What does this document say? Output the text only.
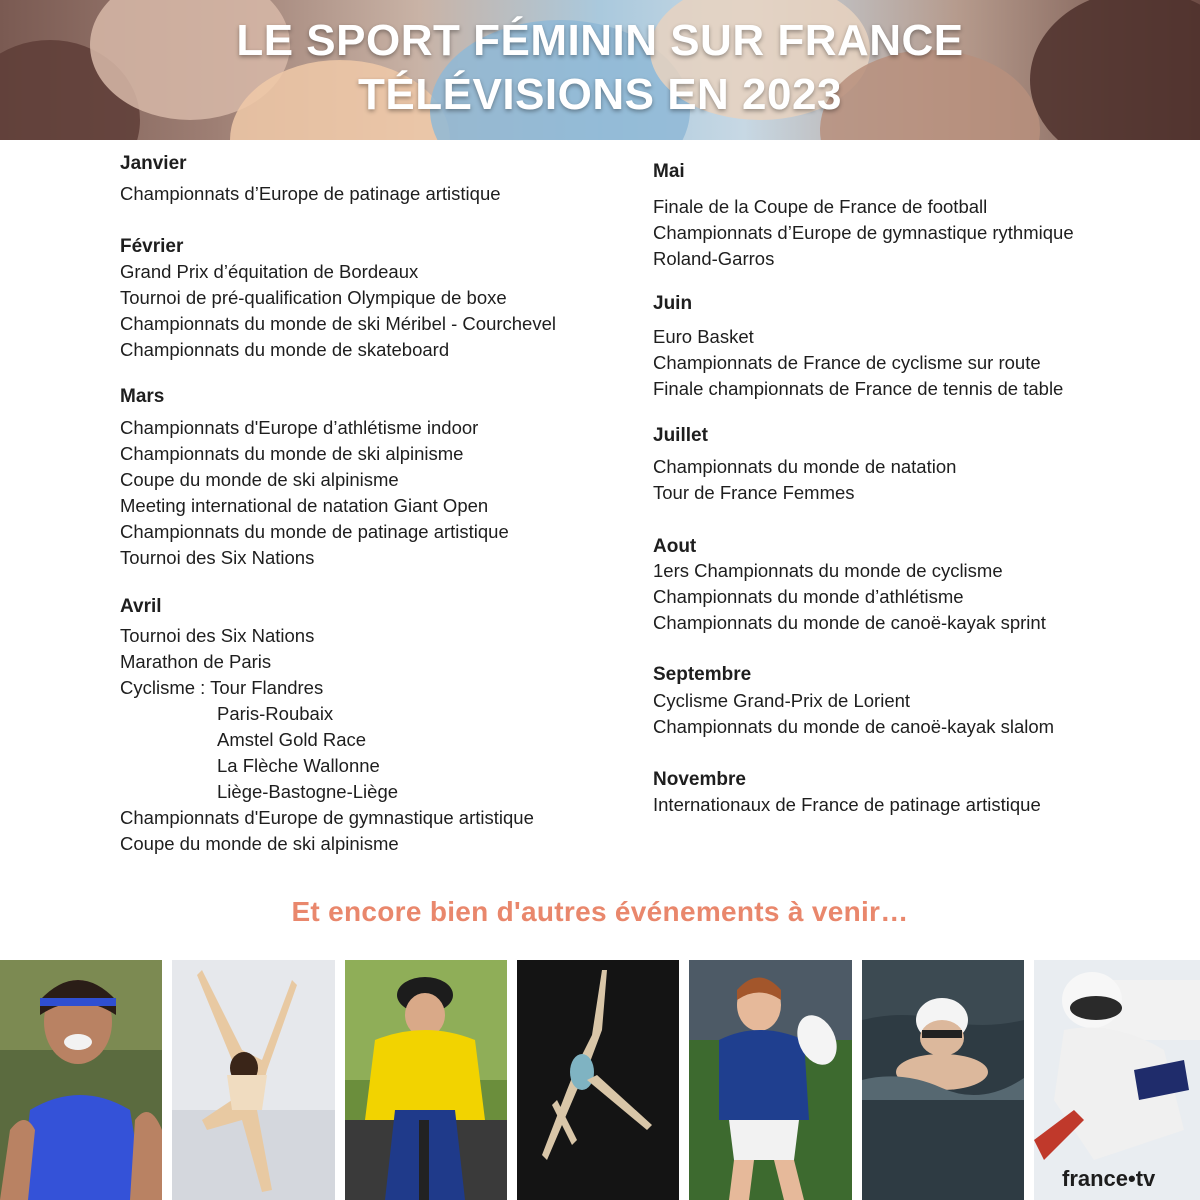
LE SPORT FÉMININ SUR FRANCE
TÉLÉVISIONS EN 2023
Janvier
Championnats d’Europe de patinage artistique
Février
Grand Prix d’équitation de Bordeaux
Tournoi de pré-qualification Olympique de boxe
Championnats du monde de ski Méribel - Courchevel
Championnats du monde de skateboard
Mars
Championnats d'Europe d’athlétisme indoor
Championnats du monde de ski alpinisme
Coupe du monde de ski alpinisme
Meeting international de natation Giant Open
Championnats du monde de patinage artistique
Tournoi des Six Nations
Avril
Tournoi des Six Nations
Marathon de Paris
Cyclisme : Tour Flandres
Paris-Roubaix
Amstel Gold Race
La Flèche Wallonne
Liège-Bastogne-Liège
Championnats d'Europe de gymnastique artistique
Coupe du monde de ski alpinisme
Mai
Finale de la Coupe de France de football
Championnats d’Europe de gymnastique rythmique
Roland-Garros
Juin
Euro Basket
Championnats de France de cyclisme sur route
Finale championnats de France de tennis de table
Juillet
Championnats du monde de natation
Tour de France Femmes
Aout
1ers Championnats du monde de cyclisme
Championnats du monde d’athlétisme
Championnats du monde de canoë-kayak sprint
Septembre
Cyclisme Grand-Prix de Lorient
Championnats du monde de canoë-kayak slalom
Novembre
Internationaux de France de patinage artistique
Et encore bien d'autres événements à venir…
france•tv
